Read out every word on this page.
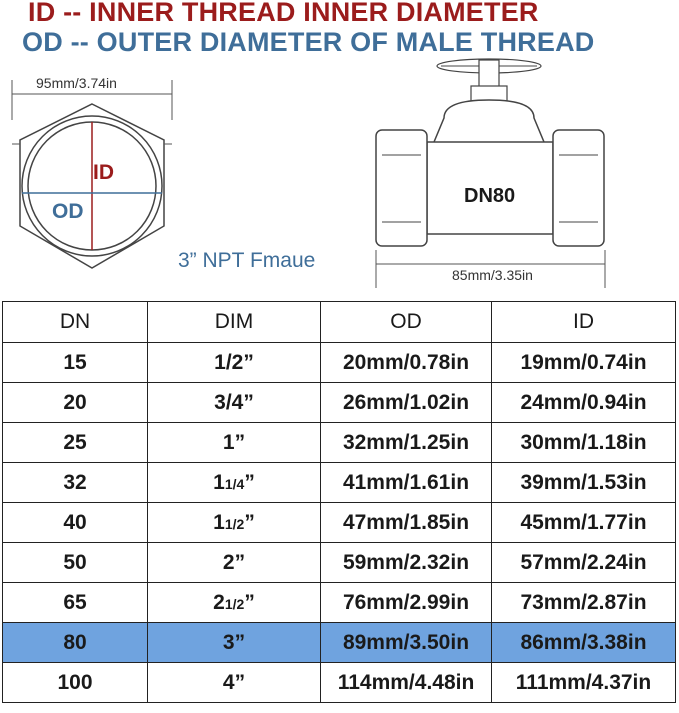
ID -- INNER THREAD INNER DIAMETER
OD -- OUTER DIAMETER OF MALE THREAD
95mm/3.74in
ID
OD
DN80
85mm/3.35in
3” NPT Fmaue
DN	DIM	OD	ID
15	1/2”	20mm/0.78in	19mm/0.74in
20	3/4”	26mm/1.02in	24mm/0.94in
25	1”	32mm/1.25in	30mm/1.18in
32	11/4”	41mm/1.61in	39mm/1.53in
40	11/2”	47mm/1.85in	45mm/1.77in
50	2”	59mm/2.32in	57mm/2.24in
65	21/2”	76mm/2.99in	73mm/2.87in
80	3”	89mm/3.50in	86mm/3.38in
100	4”	114mm/4.48in	111mm/4.37in
